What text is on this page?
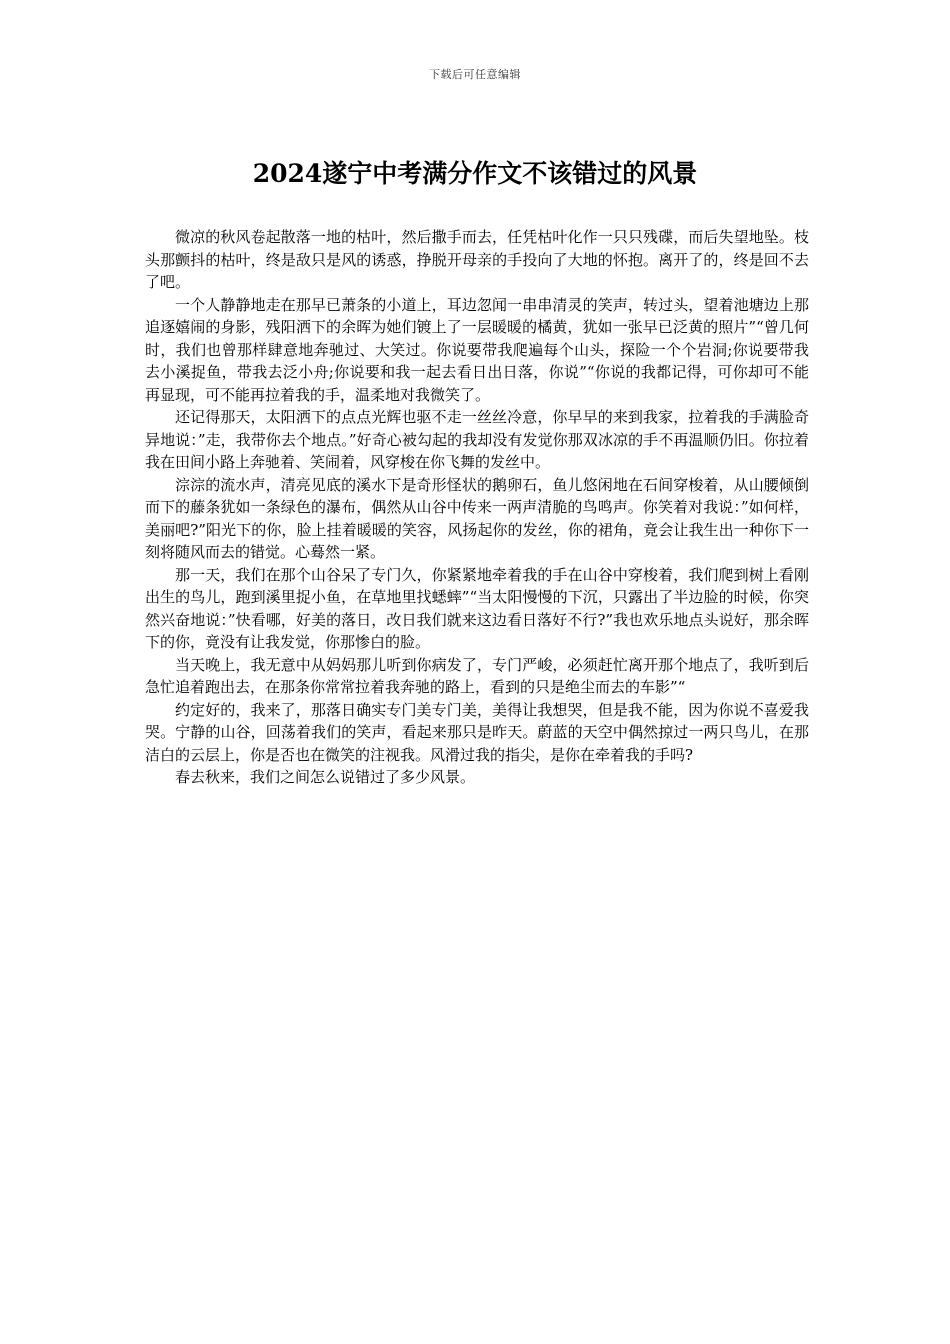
下载后可任意编辑
2024遂宁中考满分作文不该错过的风景

微凉的秋风卷起散落一地的枯叶，然后撒手而去，任凭枯叶化作一只只残碟，而后失望地坠。枝头那颤抖的枯叶，终是敌只是风的诱惑，挣脱开母亲的手投向了大地的怀抱。离开了的，终是回不去了吧。

一个人静静地走在那早已萧条的小道上，耳边忽闻一串串清灵的笑声，转过头，望着池塘边上那追逐嬉闹的身影，残阳洒下的余晖为她们镀上了一层暖暖的橘黄，犹如一张早已泛黄的照片”“曾几何时，我们也曾那样肆意地奔驰过、大笑过。你说要带我爬遍每个山头，探险一个个岩洞;你说要带我去小溪捉鱼，带我去泛小舟;你说要和我一起去看日出日落，你说”“你说的我都记得，可你却可不能再显现，可不能再拉着我的手，温柔地对我微笑了。

还记得那天，太阳洒下的点点光辉也驱不走一丝丝冷意，你早早的来到我家，拉着我的手满脸奇异地说：”走，我带你去个地点。”好奇心被勾起的我却没有发觉你那双冰凉的手不再温顺仍旧。你拉着我在田间小路上奔驰着、笑闹着，风穿梭在你飞舞的发丝中。

淙淙的流水声，清亮见底的溪水下是奇形怪状的鹅卵石，鱼儿悠闲地在石间穿梭着，从山腰倾倒而下的藤条犹如一条绿色的瀑布，偶然从山谷中传来一两声清脆的鸟鸣声。你笑着对我说：”如何样，美丽吧?”阳光下的你，脸上挂着暖暖的笑容，风扬起你的发丝，你的裙角，竟会让我生出一种你下一刻将随风而去的错觉。心蓦然一紧。

那一天，我们在那个山谷呆了专门久，你紧紧地牵着我的手在山谷中穿梭着，我们爬到树上看刚出生的鸟儿，跑到溪里捉小鱼，在草地里找蟋蟀”“当太阳慢慢的下沉，只露出了半边脸的时候，你突然兴奋地说：”快看哪，好美的落日，改日我们就来这边看日落好不行?”我也欢乐地点头说好，那余晖下的你，竟没有让我发觉，你那惨白的脸。

当天晚上，我无意中从妈妈那儿听到你病发了，专门严峻，必须赶忙离开那个地点了，我听到后急忙追着跑出去，在那条你常常拉着我奔驰的路上，看到的只是绝尘而去的车影”“

约定好的，我来了，那落日确实专门美专门美，美得让我想哭，但是我不能，因为你说不喜爱我哭。宁静的山谷，回荡着我们的笑声，看起来那只是昨天。蔚蓝的天空中偶然掠过一两只鸟儿，在那洁白的云层上，你是否也在微笑的注视我。风滑过我的指尖，是你在牵着我的手吗?

春去秋来，我们之间怎么说错过了多少风景。
